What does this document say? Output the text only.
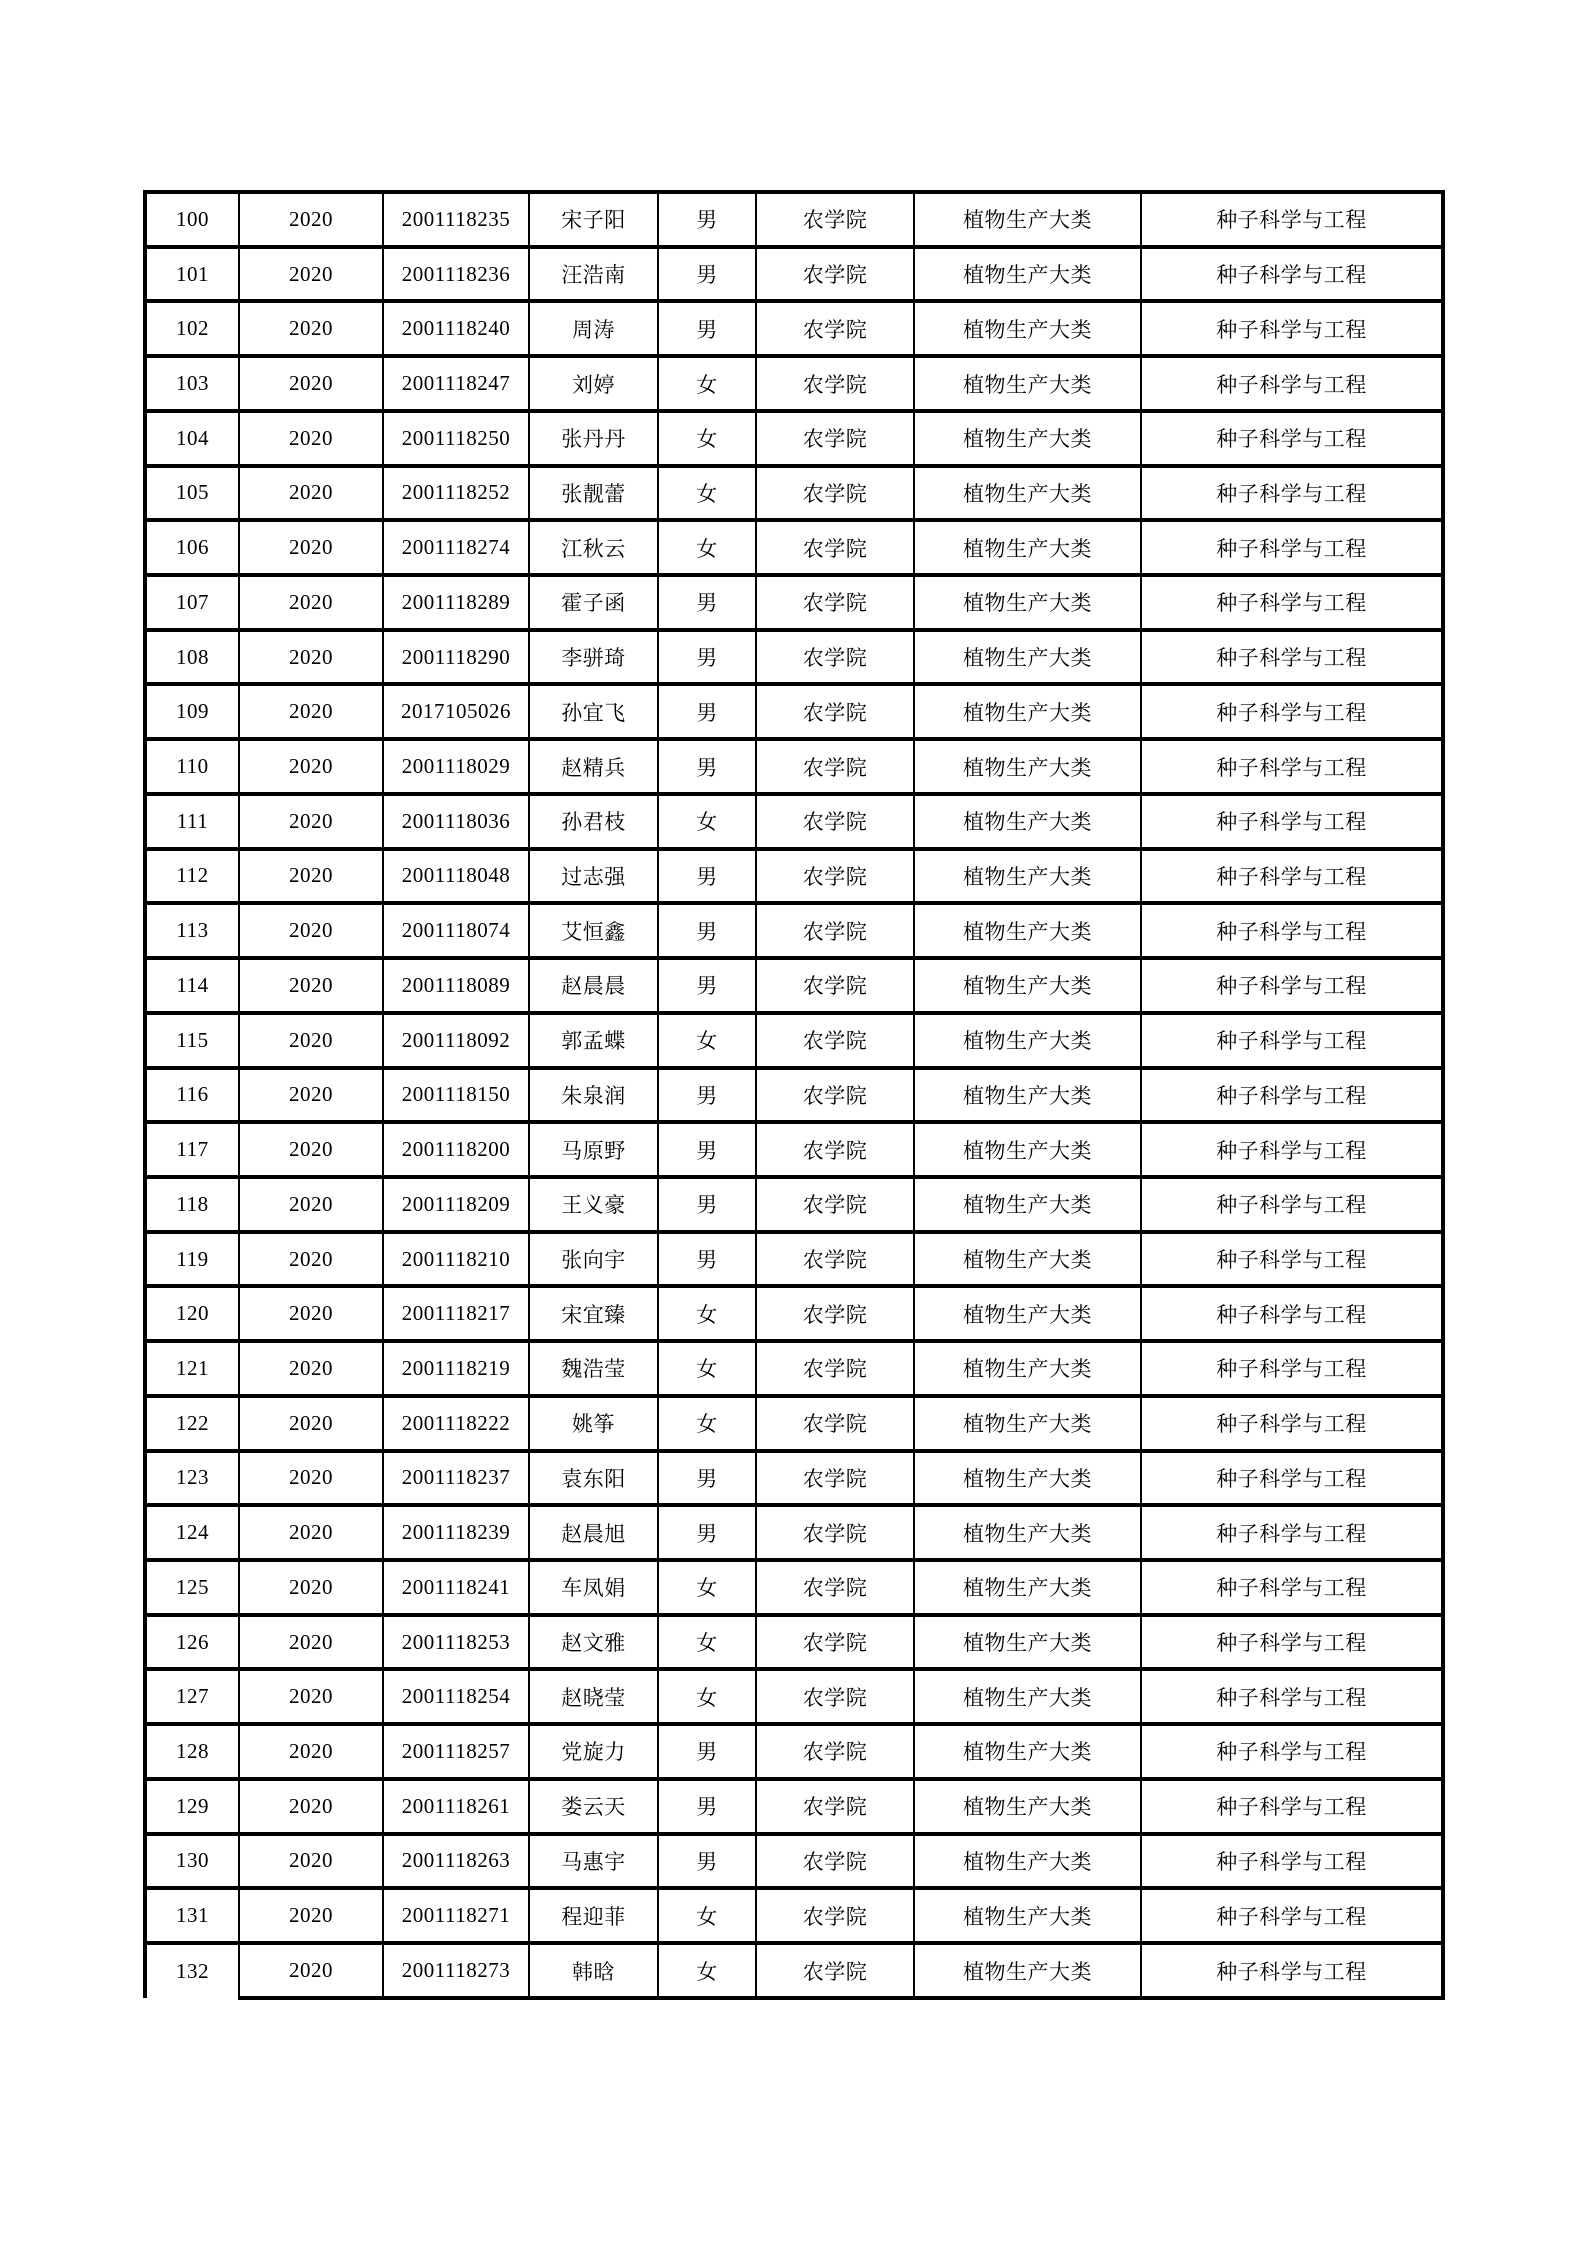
100	2020	2001118235	宋子阳	男	农学院	植物生产大类	种子科学与工程
101	2020	2001118236	汪浩南	男	农学院	植物生产大类	种子科学与工程
102	2020	2001118240	周涛	男	农学院	植物生产大类	种子科学与工程
103	2020	2001118247	刘婷	女	农学院	植物生产大类	种子科学与工程
104	2020	2001118250	张丹丹	女	农学院	植物生产大类	种子科学与工程
105	2020	2001118252	张靓蕾	女	农学院	植物生产大类	种子科学与工程
106	2020	2001118274	江秋云	女	农学院	植物生产大类	种子科学与工程
107	2020	2001118289	霍子函	男	农学院	植物生产大类	种子科学与工程
108	2020	2001118290	李骈琦	男	农学院	植物生产大类	种子科学与工程
109	2020	2017105026	孙宜飞	男	农学院	植物生产大类	种子科学与工程
110	2020	2001118029	赵精兵	男	农学院	植物生产大类	种子科学与工程
111	2020	2001118036	孙君枝	女	农学院	植物生产大类	种子科学与工程
112	2020	2001118048	过志强	男	农学院	植物生产大类	种子科学与工程
113	2020	2001118074	艾恒鑫	男	农学院	植物生产大类	种子科学与工程
114	2020	2001118089	赵晨晨	男	农学院	植物生产大类	种子科学与工程
115	2020	2001118092	郭孟蝶	女	农学院	植物生产大类	种子科学与工程
116	2020	2001118150	朱泉润	男	农学院	植物生产大类	种子科学与工程
117	2020	2001118200	马原野	男	农学院	植物生产大类	种子科学与工程
118	2020	2001118209	王义豪	男	农学院	植物生产大类	种子科学与工程
119	2020	2001118210	张向宇	男	农学院	植物生产大类	种子科学与工程
120	2020	2001118217	宋宜臻	女	农学院	植物生产大类	种子科学与工程
121	2020	2001118219	魏浩莹	女	农学院	植物生产大类	种子科学与工程
122	2020	2001118222	姚筝	女	农学院	植物生产大类	种子科学与工程
123	2020	2001118237	袁东阳	男	农学院	植物生产大类	种子科学与工程
124	2020	2001118239	赵晨旭	男	农学院	植物生产大类	种子科学与工程
125	2020	2001118241	车凤娟	女	农学院	植物生产大类	种子科学与工程
126	2020	2001118253	赵文雅	女	农学院	植物生产大类	种子科学与工程
127	2020	2001118254	赵晓莹	女	农学院	植物生产大类	种子科学与工程
128	2020	2001118257	党旋力	男	农学院	植物生产大类	种子科学与工程
129	2020	2001118261	娄云天	男	农学院	植物生产大类	种子科学与工程
130	2020	2001118263	马惠宇	男	农学院	植物生产大类	种子科学与工程
131	2020	2001118271	程迎菲	女	农学院	植物生产大类	种子科学与工程
132	2020	2001118273	韩晗	女	农学院	植物生产大类	种子科学与工程
